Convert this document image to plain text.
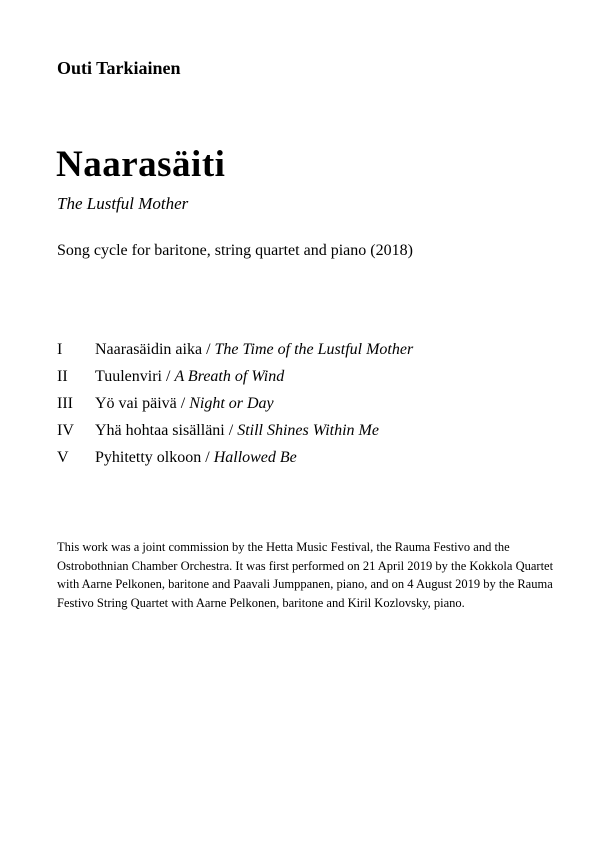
Outi Tarkiainen
Naarasäiti
The Lustful Mother
Song cycle for baritone, string quartet and piano (2018)
I	Naarasäidin aika / The Time of the Lustful Mother
II	Tuulenviri / A Breath of Wind
III	Yö vai päivä / Night or Day
IV	Yhä hohtaa sisälläni / Still Shines Within Me
V	Pyhitetty olkoon / Hallowed Be
This work was a joint commission by the Hetta Music Festival, the Rauma Festivo and the Ostrobothnian Chamber Orchestra. It was first performed on 21 April 2019 by the Kokkola Quartet with Aarne Pelkonen, baritone and Paavali Jumppanen, piano, and on 4 August 2019 by the Rauma Festivo String Quartet with Aarne Pelkonen, baritone and Kiril Kozlovsky, piano.
